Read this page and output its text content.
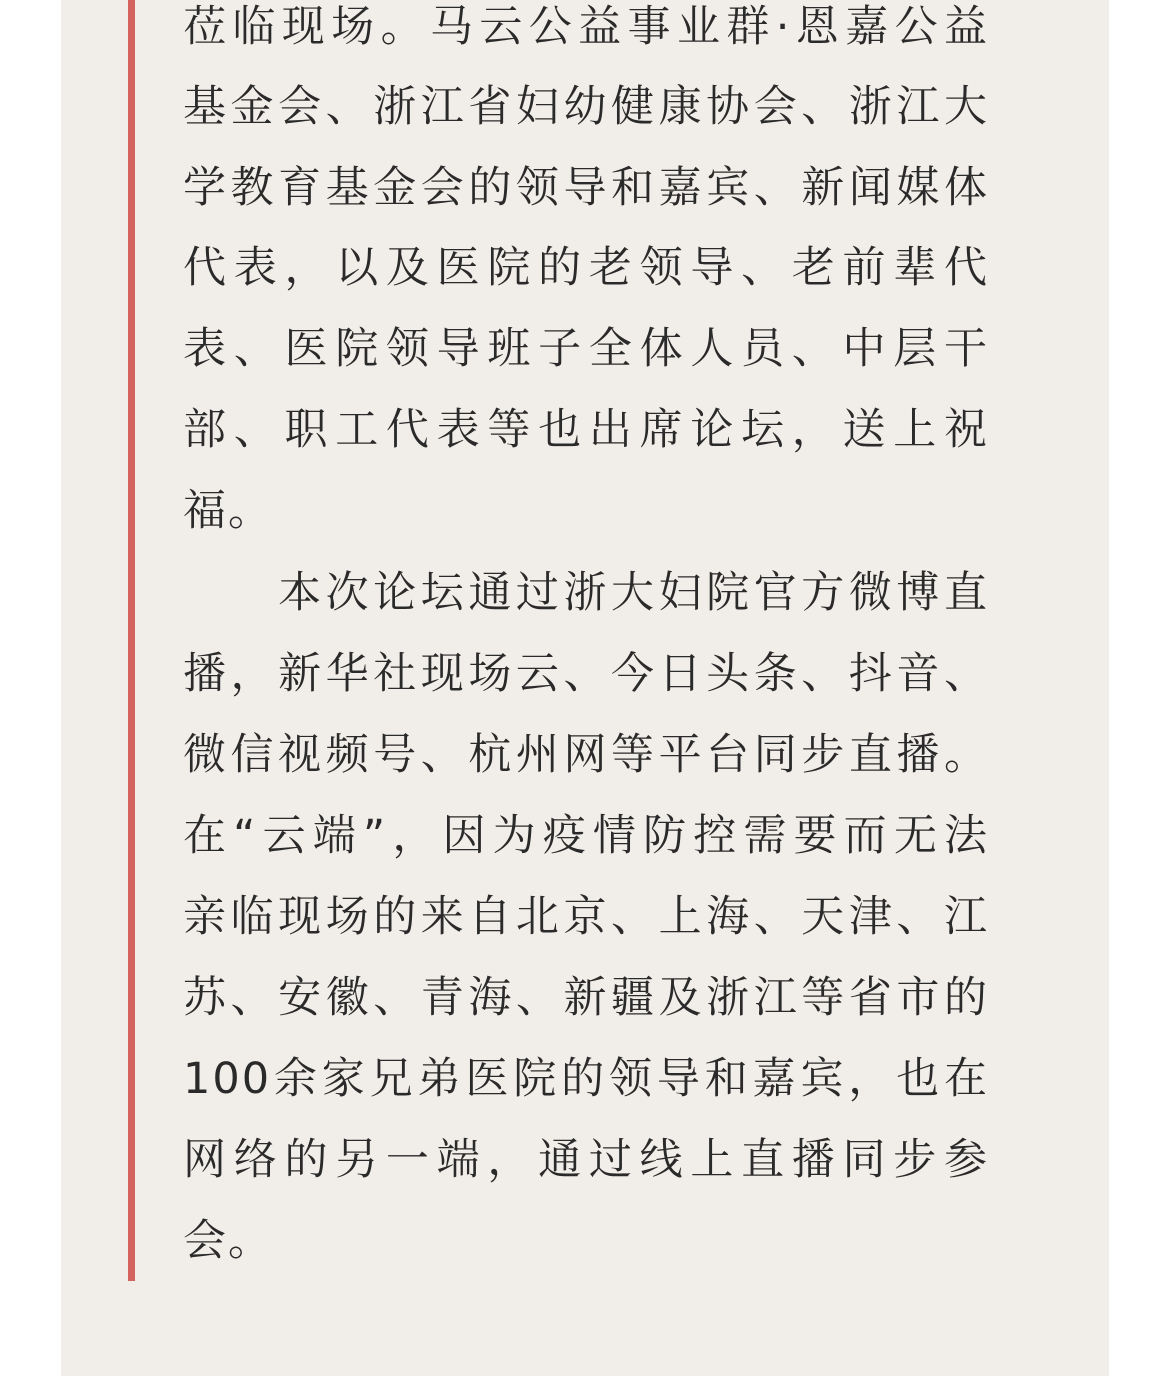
莅临现场。马云公益事业群·恩嘉公益
基金会、浙江省妇幼健康协会、浙江大
学教育基金会的领导和嘉宾、新闻媒体
代表，以及医院的老领导、老前辈代
表、医院领导班子全体人员、中层干
部、职工代表等也出席论坛，送上祝
福。
　　本次论坛通过浙大妇院官方微博直
播，新华社现场云、今日头条、抖音、
微信视频号、杭州网等平台同步直播。
在“云端”，因为疫情防控需要而无法
亲临现场的来自北京、上海、天津、江
苏、安徽、青海、新疆及浙江等省市的
100余家兄弟医院的领导和嘉宾，也在
网络的另一端，通过线上直播同步参
会。
